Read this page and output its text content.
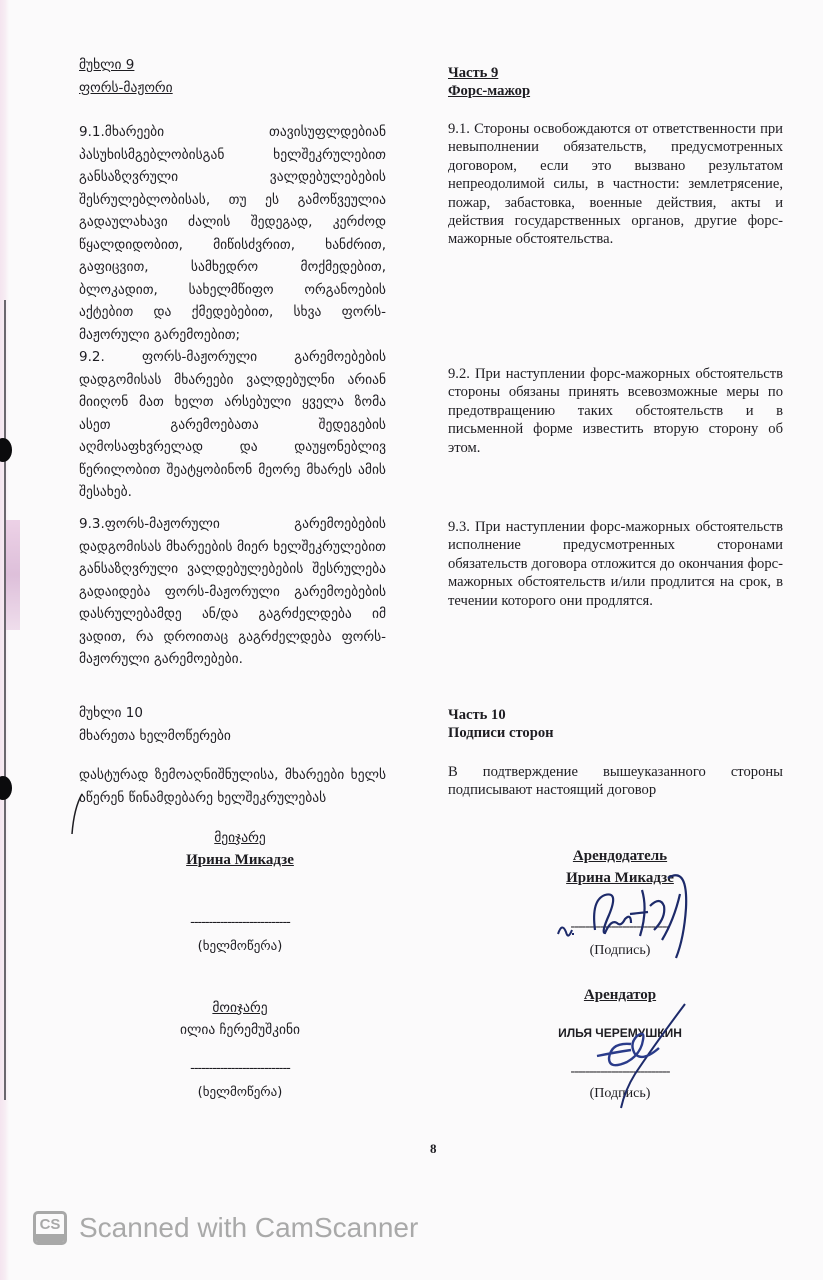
მუხლი 9
ფორს-მაჟორი

9.1.მხარეები თავისუფლდებიან პასუხისმგებლობისგან ხელშეკრულებით განსაზღვრული ვალდებულებების შესრულებლობისას, თუ ეს გამოწვეულია გადაულახავი ძალის შედეგად, კერძოდ წყალდიდობით, მიწისძვრით, ხანძრით, გაფიცვით, სამხედრო მოქმედებით, ბლოკადით, სახელმწიფო ორგანოების აქტებით და ქმედებებით, სხვა ფორს-მაჟორული გარემოებით;

9.2. ფორს-მაჟორული გარემოებების დადგომისას მხარეები ვალდებულნი არიან მიიღონ მათ ხელთ არსებული ყველა ზომა ასეთ გარემოებათა შედეგების აღმოსაფხვრელად და დაუყონებლივ წერილობით შეატყობინონ მეორე მხარეს ამის შესახებ.

9.3.ფორს-მაჟორული გარემოებების დადგომისას მხარეების მიერ ხელშეკრულებით განსაზღვრული ვალდებულებების შესრულება გადაიდება ფორს-მაჟორული გარემოებების დასრულებამდე ან/და გაგრძელდება იმ ვადით, რა დროითაც გაგრძელდება ფორს-მაჟორული გარემოებები.

მუხლი 10
მხარეთა ხელმოწერები

დასტურად ზემოაღნიშნულისა, მხარეები ხელს აწერენ წინამდებარე ხელშეკრულებას

მეიჯარე
Ирина Микадзе
---------------------------
(ხელმოწერა)
მოიჯარე
ილია ჩერემუშკინი
---------------------------
(ხელმოწერა)
Часть 9
Форс-мажор

9.1. Стороны освобождаются от ответственности при невыполнении обязательств, предусмотренных договором, если это вызвано результатом непреодолимой силы, в частности: землетрясение, пожар, забастовка, военные действия, акты и действия государственных органов, другие форс-мажорные обстоятельства.

9.2. При наступлении форс-мажорных обстоятельств стороны обязаны принять всевозможные меры по предотвращению таких обстоятельств и в письменной форме известить вторую сторону об этом.

9.3. При наступлении форс-мажорных обстоятельств исполнение предусмотренных сторонами обязательств договора отложится до окончания форс-мажорных обстоятельств и/или продлится на срок, в течении которого они продлятся.

Часть 10
Подписи сторон

В подтверждение вышеуказанного стороны подписывают настоящий договор

Арендодатель
Ирина Микадзе
---------------------------
(Подпись)
Арендатор
ИЛЬЯ ЧЕРЕМУШКИН
---------------------------
(Подпись)
8
CS Scanned with CamScanner
